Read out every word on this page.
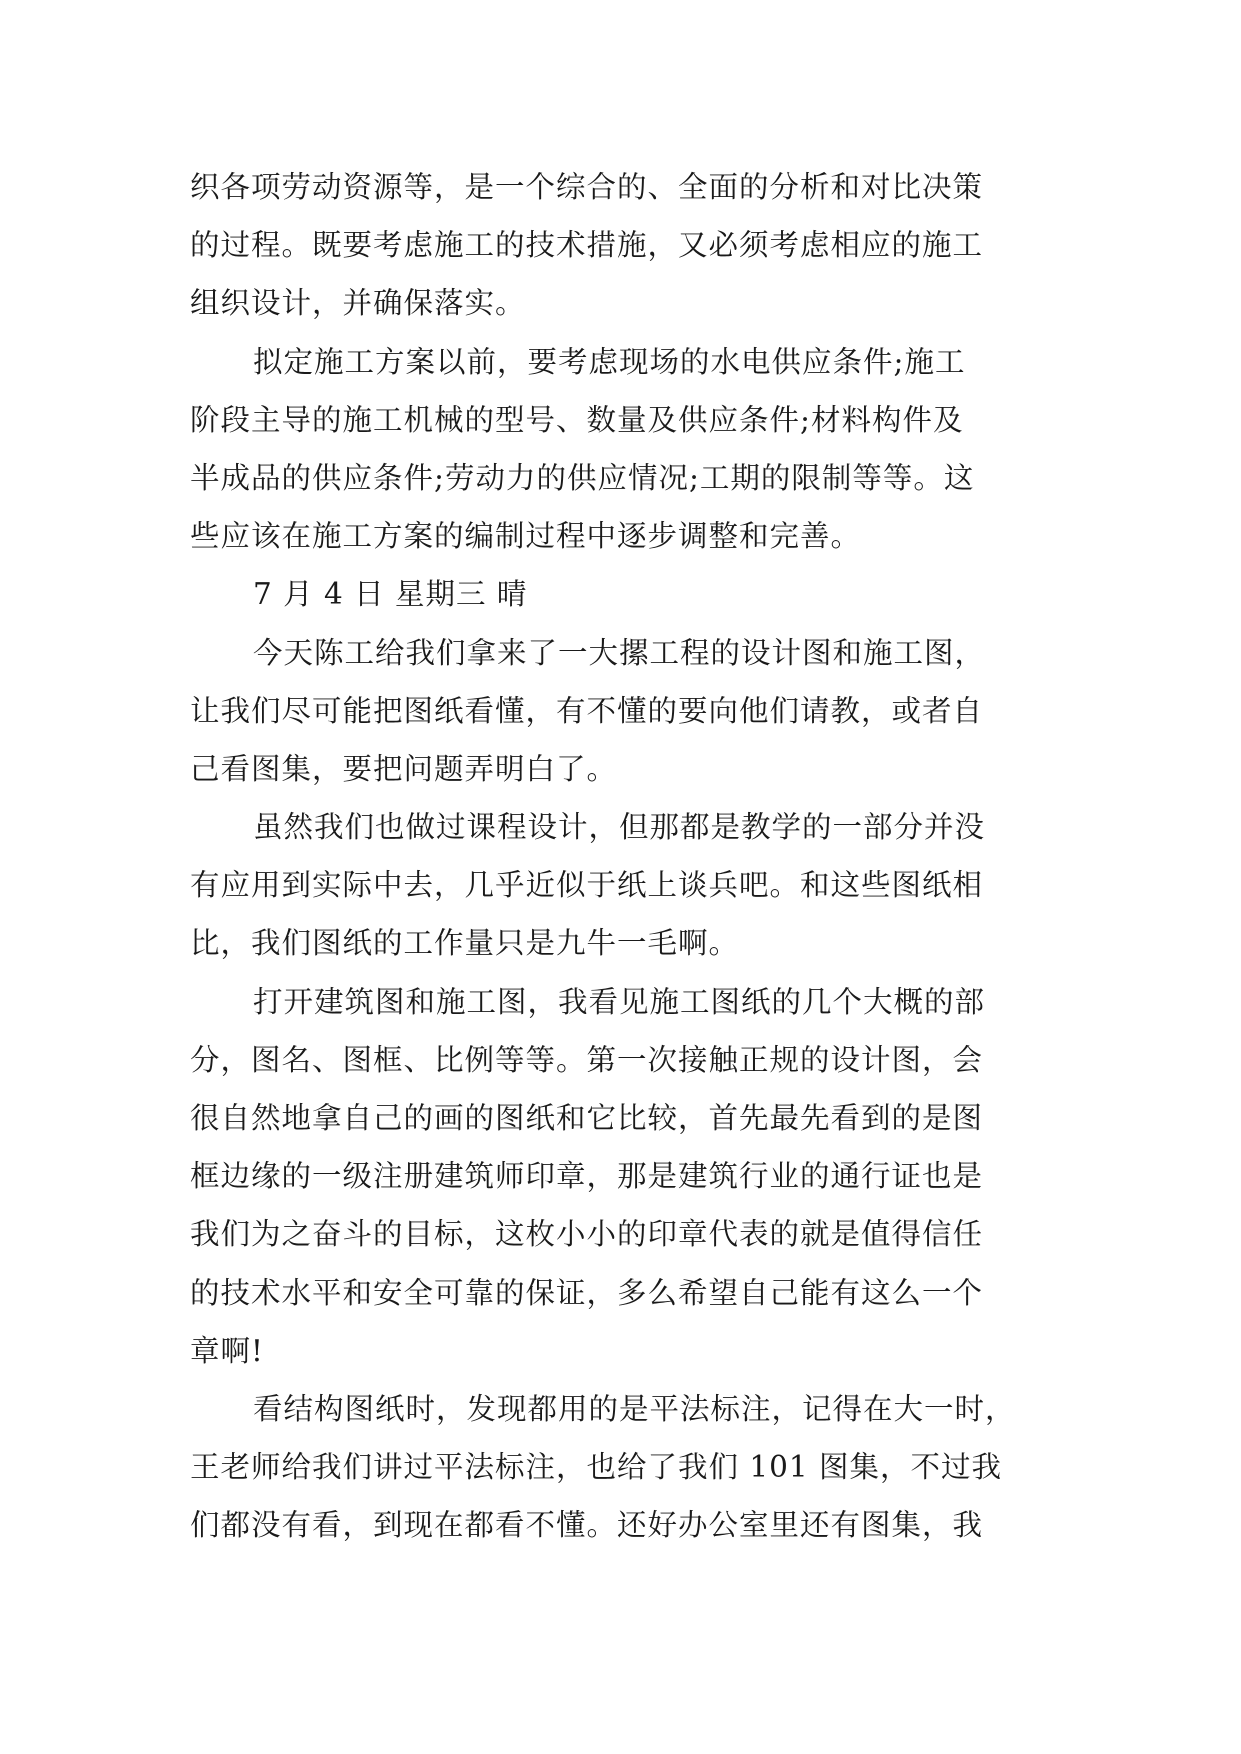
织各项劳动资源等，是一个综合的、全面的分析和对比决策
的过程。既要考虑施工的技术措施，又必须考虑相应的施工
组织设计，并确保落实。
拟定施工方案以前，要考虑现场的水电供应条件;施工
阶段主导的施工机械的型号、数量及供应条件;材料构件及
半成品的供应条件;劳动力的供应情况;工期的限制等等。这
些应该在施工方案的编制过程中逐步调整和完善。
7 月 4 日 星期三 晴
今天陈工给我们拿来了一大摞工程的设计图和施工图，
让我们尽可能把图纸看懂，有不懂的要向他们请教，或者自
己看图集，要把问题弄明白了。
虽然我们也做过课程设计，但那都是教学的一部分并没
有应用到实际中去，几乎近似于纸上谈兵吧。和这些图纸相
比，我们图纸的工作量只是九牛一毛啊。
打开建筑图和施工图，我看见施工图纸的几个大概的部
分，图名、图框、比例等等。第一次接触正规的设计图，会
很自然地拿自己的画的图纸和它比较，首先最先看到的是图
框边缘的一级注册建筑师印章，那是建筑行业的通行证也是
我们为之奋斗的目标，这枚小小的印章代表的就是值得信任
的技术水平和安全可靠的保证，多么希望自己能有这么一个
章啊!
看结构图纸时，发现都用的是平法标注，记得在大一时，
王老师给我们讲过平法标注，也给了我们 101 图集，不过我
们都没有看，到现在都看不懂。还好办公室里还有图集，我
